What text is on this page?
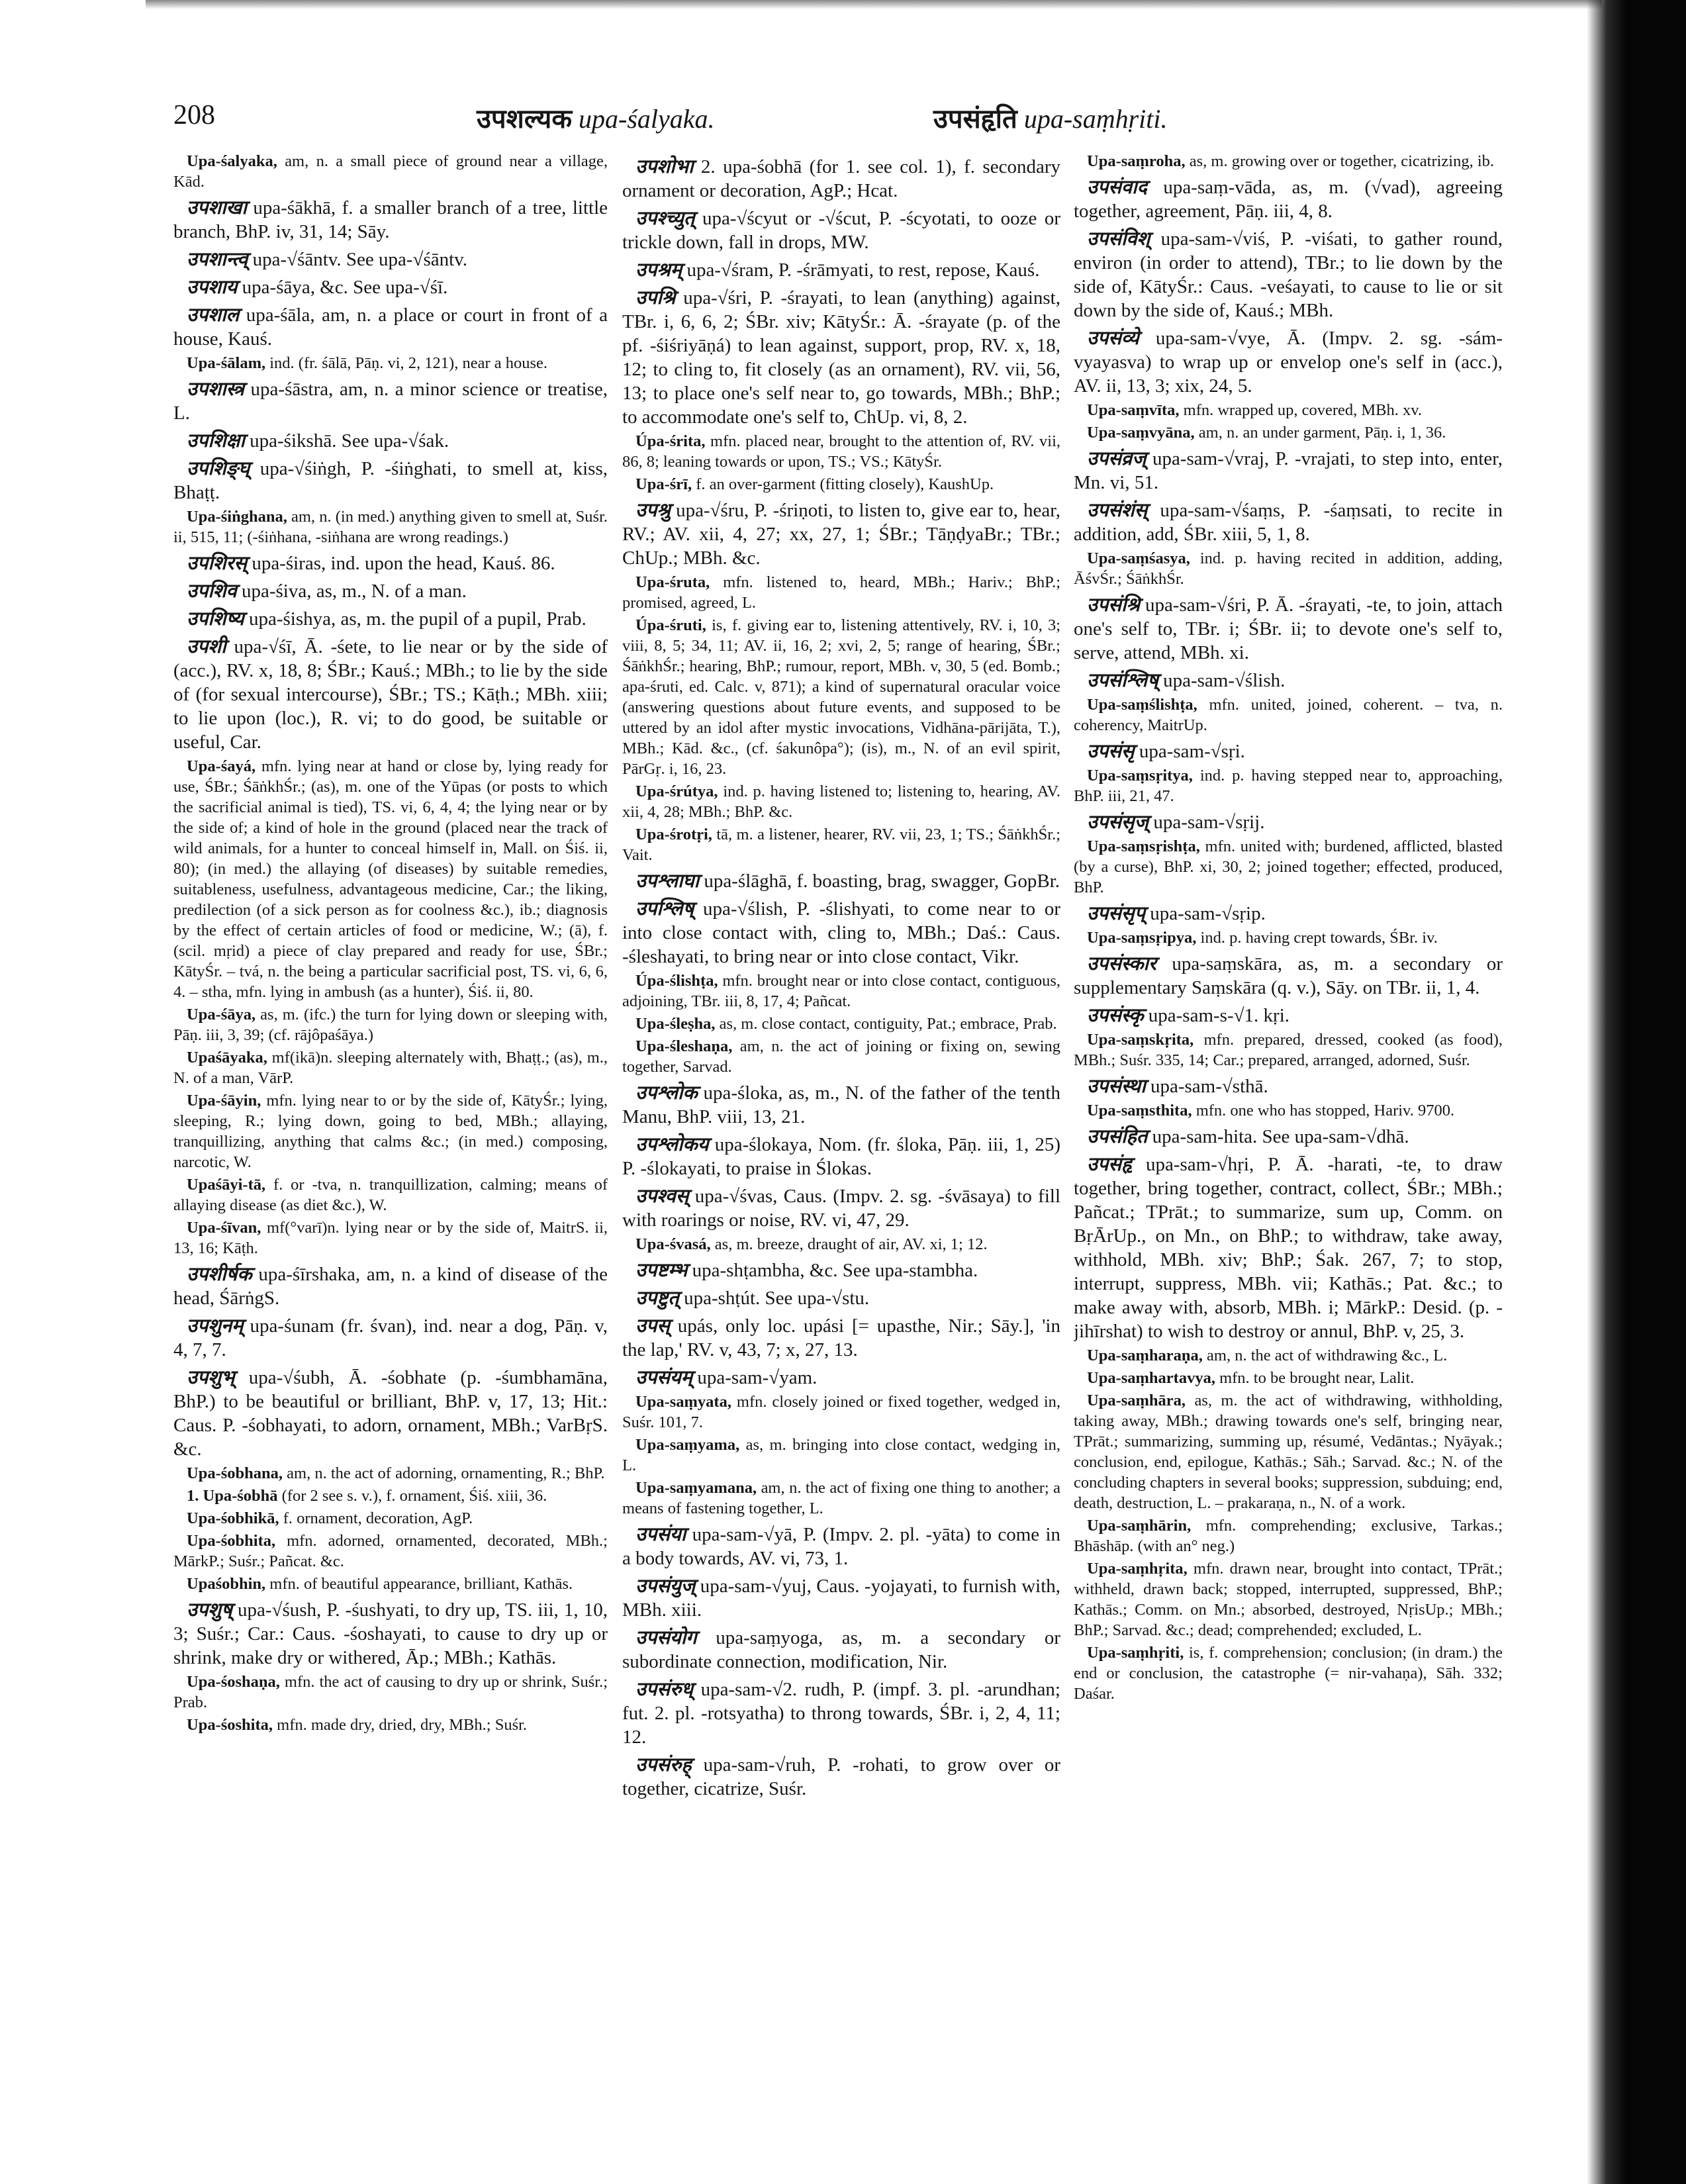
208	उपशल्यक upa-śalyaka.	उपसंहृति upa-saṃhṛiti.

Upa-śalyaka, am, n. a small piece of ground near a village, Kād.

उपशाखा upa-śākhā, f. a smaller branch of a tree, little branch, BhP. iv, 31, 14; Sāy.

उपशान्त्व् upa-√śāntv. See upa-√śāntv.

उपशाय upa-śāya, &c. See upa-√śī.

उपशाल upa-śāla, am, n. a place or court in front of a house, Kauś.

Upa-śālam, ind. (fr. śālā, Pāṇ. vi, 2, 121), near a house.

उपशास्त्र upa-śāstra, am, n. a minor science or treatise, L.

उपशिक्षा upa-śikshā. See upa-√śak.

उपशिङ्घ् upa-√śiṅgh, P. -śiṅghati, to smell at, kiss, Bhaṭṭ.

Upa-śiṅghana, am, n. (in med.) anything given to smell at, Suśr. ii, 515, 11; (-śiṅhana, -siṅhana are wrong readings.)

उपशिरस् upa-śiras, ind. upon the head, Kauś. 86.

उपशिव upa-śiva, as, m., N. of a man.

उपशिष्य upa-śishya, as, m. the pupil of a pupil, Prab.

उपशी upa-√śī, Ā. -śete, to lie near or by the side of (acc.), RV. x, 18, 8; ŚBr.; Kauś.; MBh.; to lie by the side of (for sexual intercourse), ŚBr.; TS.; Kāṭh.; MBh. xiii; to lie upon (loc.), R. vi; to do good, be suitable or useful, Car.

Upa-śayá, mfn. lying near at hand or close by, lying ready for use, ŚBr.; ŚāṅkhŚr.; (as), m. one of the Yūpas (or posts to which the sacrificial animal is tied), TS. vi, 6, 4, 4; the lying near or by the side of; a kind of hole in the ground (placed near the track of wild animals, for a hunter to conceal himself in, Mall. on Śiś. ii, 80); (in med.) the allaying (of diseases) by suitable remedies, suitableness, usefulness, advantageous medicine, Car.; the liking, predilection (of a sick person as for coolness &c.), ib.; diagnosis by the effect of certain articles of food or medicine, W.; (ā), f. (scil. mṛid) a piece of clay prepared and ready for use, ŚBr.; KātyŚr. – tvá, n. the being a particular sacrificial post, TS. vi, 6, 6, 4. – stha, mfn. lying in ambush (as a hunter), Śiś. ii, 80.

Upa-śāya, as, m. (ifc.) the turn for lying down or sleeping with, Pāṇ. iii, 3, 39; (cf. rājôpaśāya.)

Upaśāyaka, mf(ikā)n. sleeping alternately with, Bhaṭṭ.; (as), m., N. of a man, VārP.

Upa-śāyin, mfn. lying near to or by the side of, KātyŚr.; lying, sleeping, R.; lying down, going to bed, MBh.; allaying, tranquillizing, anything that calms &c.; (in med.) composing, narcotic, W.

Upaśāyi-tā, f. or -tva, n. tranquillization, calming; means of allaying disease (as diet &c.), W.

Upa-śīvan, mf(°varī)n. lying near or by the side of, MaitrS. ii, 13, 16; Kāṭh.

उपशीर्षक upa-śīrshaka, am, n. a kind of disease of the head, ŚārṅgS.

उपशुनम् upa-śunam (fr. śvan), ind. near a dog, Pāṇ. v, 4, 7, 7.

उपशुभ् upa-√śubh, Ā. -śobhate (p. -śumbhamāna, BhP.) to be beautiful or brilliant, BhP. v, 17, 13; Hit.: Caus. P. -śobhayati, to adorn, ornament, MBh.; VarBṛS. &c.

Upa-śobhana, am, n. the act of adorning, ornamenting, R.; BhP.

1. Upa-śobhā (for 2 see s. v.), f. ornament, Śiś. xiii, 36.

Upa-śobhikā, f. ornament, decoration, AgP.

Upa-śobhita, mfn. adorned, ornamented, decorated, MBh.; MārkP.; Suśr.; Pañcat. &c.

Upaśobhin, mfn. of beautiful appearance, brilliant, Kathās.

उपशुष् upa-√śush, P. -śushyati, to dry up, TS. iii, 1, 10, 3; Suśr.; Car.: Caus. -śoshayati, to cause to dry up or shrink, make dry or withered, Āp.; MBh.; Kathās.

Upa-śoshaṇa, mfn. the act of causing to dry up or shrink, Suśr.; Prab.

Upa-śoshita, mfn. made dry, dried, dry, MBh.; Suśr.

उपशोभा 2. upa-śobhā (for 1. see col. 1), f. secondary ornament or decoration, AgP.; Hcat.

उपश्च्युत् upa-√ścyut or -√ścut, P. -ścyotati, to ooze or trickle down, fall in drops, MW.

उपश्रम् upa-√śram, P. -śrāmyati, to rest, repose, Kauś.

उपश्रि upa-√śri, P. -śrayati, to lean (anything) against, TBr. i, 6, 6, 2; ŚBr. xiv; KātyŚr.: Ā. -śrayate (p. of the pf. -śiśriyāṇá) to lean against, support, prop, RV. x, 18, 12; to cling to, fit closely (as an ornament), RV. vii, 56, 13; to place one's self near to, go towards, MBh.; BhP.; to accommodate one's self to, ChUp. vi, 8, 2.

Úpa-śrita, mfn. placed near, brought to the attention of, RV. vii, 86, 8; leaning towards or upon, TS.; VS.; KātyŚr.

Upa-śrī, f. an over-garment (fitting closely), KaushUp.

उपश्रु upa-√śru, P. -śriṇoti, to listen to, give ear to, hear, RV.; AV. xii, 4, 27; xx, 27, 1; ŚBr.; TāṇḍyaBr.; TBr.; ChUp.; MBh. &c.

Upa-śruta, mfn. listened to, heard, MBh.; Hariv.; BhP.; promised, agreed, L.

Úpa-śruti, is, f. giving ear to, listening attentively, RV. i, 10, 3; viii, 8, 5; 34, 11; AV. ii, 16, 2; xvi, 2, 5; range of hearing, ŚBr.; ŚāṅkhŚr.; hearing, BhP.; rumour, report, MBh. v, 30, 5 (ed. Bomb.; apa-śruti, ed. Calc. v, 871); a kind of supernatural oracular voice (answering questions about future events, and supposed to be uttered by an idol after mystic invocations, Vidhāna-pārijāta, T.), MBh.; Kād. &c., (cf. śakunôpa°); (is), m., N. of an evil spirit, PārGṛ. i, 16, 23.

Upa-śrútya, ind. p. having listened to; listening to, hearing, AV. xii, 4, 28; MBh.; BhP. &c.

Upa-śrotṛi, tā, m. a listener, hearer, RV. vii, 23, 1; TS.; ŚāṅkhŚr.; Vait.

उपश्लाघा upa-ślāghā, f. boasting, brag, swagger, GopBr.

उपश्लिष् upa-√ślish, P. -ślishyati, to come near to or into close contact with, cling to, MBh.; Daś.: Caus. -śleshayati, to bring near or into close contact, Vikr.

Úpa-ślishṭa, mfn. brought near or into close contact, contiguous, adjoining, TBr. iii, 8, 17, 4; Pañcat.

Upa-śleṣha, as, m. close contact, contiguity, Pat.; embrace, Prab.

Upa-śleshaṇa, am, n. the act of joining or fixing on, sewing together, Sarvad.

उपश्लोक upa-śloka, as, m., N. of the father of the tenth Manu, BhP. viii, 13, 21.

उपश्लोकय upa-ślokaya, Nom. (fr. śloka, Pāṇ. iii, 1, 25) P. -ślokayati, to praise in Ślokas.

उपश्वस् upa-√śvas, Caus. (Impv. 2. sg. -śvāsaya) to fill with roarings or noise, RV. vi, 47, 29.

Upa-śvasá, as, m. breeze, draught of air, AV. xi, 1; 12.

उपष्टम्भ upa-shṭambha, &c. See upa-stambha.

उपष्टुत् upa-shṭút. See upa-√stu.

उपस् upás, only loc. upási [= upasthe, Nir.; Sāy.], 'in the lap,' RV. v, 43, 7; x, 27, 13.

उपसंयम् upa-sam-√yam.

Upa-saṃyata, mfn. closely joined or fixed together, wedged in, Suśr. 101, 7.

Upa-saṃyama, as, m. bringing into close contact, wedging in, L.

Upa-saṃyamana, am, n. the act of fixing one thing to another; a means of fastening together, L.

उपसंया upa-sam-√yā, P. (Impv. 2. pl. -yāta) to come in a body towards, AV. vi, 73, 1.

उपसंयुज् upa-sam-√yuj, Caus. -yojayati, to furnish with, MBh. xiii.

उपसंयोग upa-saṃyoga, as, m. a secondary or subordinate connection, modification, Nir.

उपसंरुध् upa-sam-√2. rudh, P. (impf. 3. pl. -arundhan; fut. 2. pl. -rotsyatha) to throng towards, ŚBr. i, 2, 4, 11; 12.

उपसंरुह् upa-sam-√ruh, P. -rohati, to grow over or together, cicatrize, Suśr.

Upa-saṃroha, as, m. growing over or together, cicatrizing, ib.

उपसंवाद upa-saṃ-vāda, as, m. (√vad), agreeing together, agreement, Pāṇ. iii, 4, 8.

उपसंविश् upa-sam-√viś, P. -viśati, to gather round, environ (in order to attend), TBr.; to lie down by the side of, KātyŚr.: Caus. -veśayati, to cause to lie or sit down by the side of, Kauś.; MBh.

उपसंव्ये upa-sam-√vye, Ā. (Impv. 2. sg. -sám-vyayasva) to wrap up or envelop one's self in (acc.), AV. ii, 13, 3; xix, 24, 5.

Upa-saṃvīta, mfn. wrapped up, covered, MBh. xv.

Upa-saṃvyāna, am, n. an under garment, Pāṇ. i, 1, 36.

उपसंव्रज् upa-sam-√vraj, P. -vrajati, to step into, enter, Mn. vi, 51.

उपसंशंस् upa-sam-√śaṃs, P. -śaṃsati, to recite in addition, add, ŚBr. xiii, 5, 1, 8.

Upa-saṃśasya, ind. p. having recited in addition, adding, ĀśvŚr.; ŚāṅkhŚr.

उपसंश्रि upa-sam-√śri, P. Ā. -śrayati, -te, to join, attach one's self to, TBr. i; ŚBr. ii; to devote one's self to, serve, attend, MBh. xi.

उपसंश्लिष् upa-sam-√ślish.

Upa-saṃślishṭa, mfn. united, joined, coherent. – tva, n. coherency, MaitrUp.

उपसंसृ upa-sam-√sṛi.

Upa-saṃsṛitya, ind. p. having stepped near to, approaching, BhP. iii, 21, 47.

उपसंसृज् upa-sam-√sṛij.

Upa-saṃsṛishṭa, mfn. united with; burdened, afflicted, blasted (by a curse), BhP. xi, 30, 2; joined together; effected, produced, BhP.

उपसंसृप् upa-sam-√sṛip.

Upa-saṃsṛipya, ind. p. having crept towards, ŚBr. iv.

उपसंस्कार upa-saṃskāra, as, m. a secondary or supplementary Saṃskāra (q. v.), Sāy. on TBr. ii, 1, 4.

उपसंस्कृ upa-sam-s-√1. kṛi.

Upa-saṃskṛita, mfn. prepared, dressed, cooked (as food), MBh.; Suśr. 335, 14; Car.; prepared, arranged, adorned, Suśr.

उपसंस्था upa-sam-√sthā.

Upa-saṃsthita, mfn. one who has stopped, Hariv. 9700.

उपसंहित upa-sam-hita. See upa-sam-√dhā.

उपसंहृ upa-sam-√hṛi, P. Ā. -harati, -te, to draw together, bring together, contract, collect, ŚBr.; MBh.; Pañcat.; TPrāt.; to summarize, sum up, Comm. on BṛĀrUp., on Mn., on BhP.; to withdraw, take away, withhold, MBh. xiv; BhP.; Śak. 267, 7; to stop, interrupt, suppress, MBh. vii; Kathās.; Pat. &c.; to make away with, absorb, MBh. i; MārkP.: Desid. (p. -jihīrshat) to wish to destroy or annul, BhP. v, 25, 3.

Upa-saṃharaṇa, am, n. the act of withdrawing &c., L.

Upa-saṃhartavya, mfn. to be brought near, Lalit.

Upa-saṃhāra, as, m. the act of withdrawing, withholding, taking away, MBh.; drawing towards one's self, bringing near, TPrāt.; summarizing, summing up, résumé, Vedāntas.; Nyāyak.; conclusion, end, epilogue, Kathās.; Sāh.; Sarvad. &c.; N. of the concluding chapters in several books; suppression, subduing; end, death, destruction, L. – prakaraṇa, n., N. of a work.

Upa-saṃhārin, mfn. comprehending; exclusive, Tarkas.; Bhāshāp. (with an° neg.)

Upa-saṃhṛita, mfn. drawn near, brought into contact, TPrāt.; withheld, drawn back; stopped, interrupted, suppressed, BhP.; Kathās.; Comm. on Mn.; absorbed, destroyed, NṛisUp.; MBh.; BhP.; Sarvad. &c.; dead; comprehended; excluded, L.

Upa-saṃhṛiti, is, f. comprehension; conclusion; (in dram.) the end or conclusion, the catastrophe (= nir-vahaṇa), Sāh. 332; Daśar.
